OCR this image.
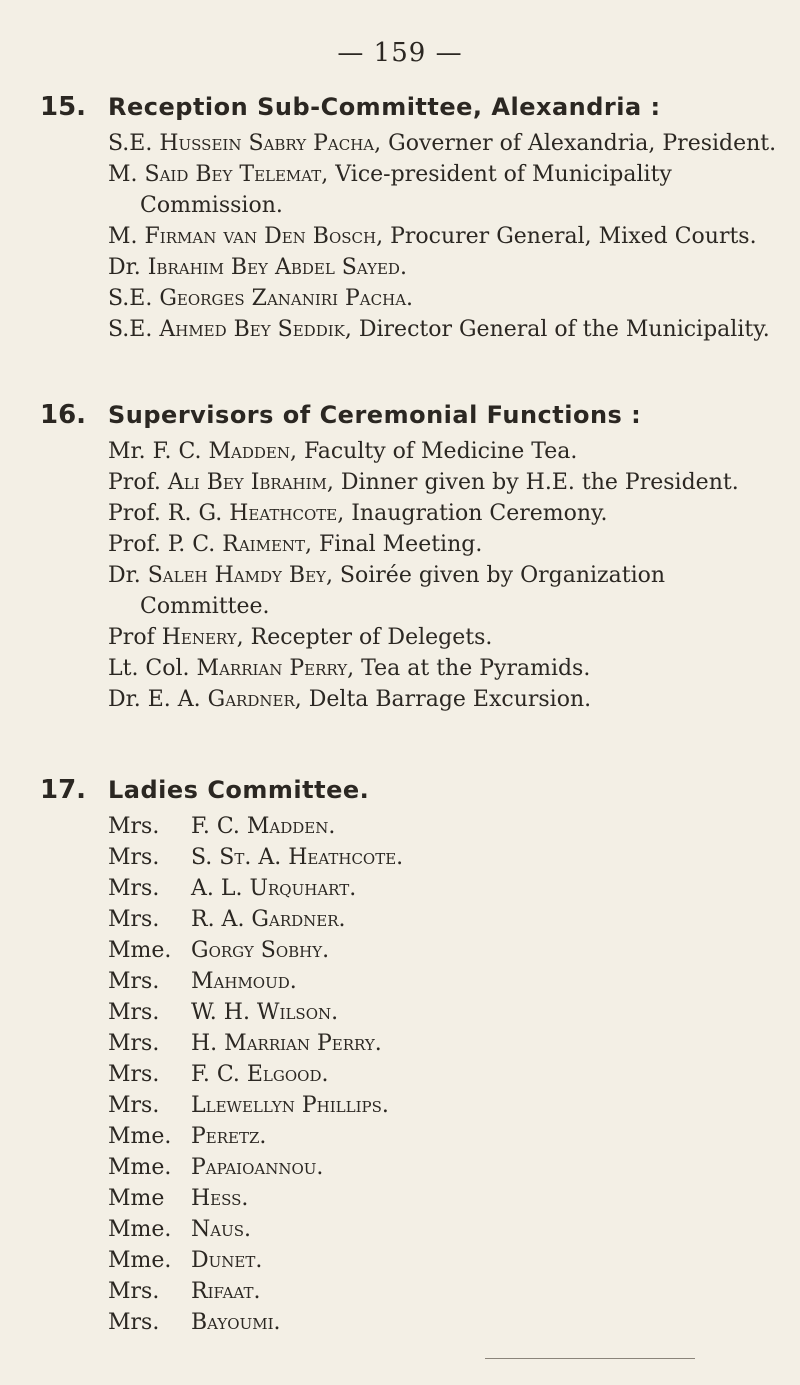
— 159 —
15. Reception Sub-Committee, Alexandria :
S.E. Hussein Sabry Pacha, Governer of Alexandria, President.
M. Said Bey Telemat, Vice-president of Municipality Commission.
M. Firman van Den Bosch, Procurer General, Mixed Courts.
Dr. Ibrahim Bey Abdel Sayed.
S.E. Georges Zananiri Pacha.
S.E. Ahmed Bey Seddik, Director General of the Municipality.
16. Supervisors of Ceremonial Functions :
Mr. F. C. Madden, Faculty of Medicine Tea.
Prof. Ali Bey Ibrahim, Dinner given by H.E. the President.
Prof. R. G. Heathcote, Inaugration Ceremony.
Prof. P. C. Raiment, Final Meeting.
Dr. Saleh Hamdy Bey, Soirée given by Organization Committee.
Prof Henery, Recepter of Delegets.
Lt. Col. Marrian Perry, Tea at the Pyramids.
Dr. E. A. Gardner, Delta Barrage Excursion.
17. Ladies Committee.
Mrs. F. C. Madden.
Mrs. S. St. A. Heathcote.
Mrs. A. L. Urquhart.
Mrs. R. A. Gardner.
Mme. Gorgy Sobhy.
Mrs. Mahmoud.
Mrs. W. H. Wilson.
Mrs. H. Marrian Perry.
Mrs. F. C. Elgood.
Mrs. Llewellyn Phillips.
Mme. Peretz.
Mme. Papaioannou.
Mme Hess.
Mme. Naus.
Mme. Dunet.
Mrs. Rifaat.
Mrs. Bayoumi.
